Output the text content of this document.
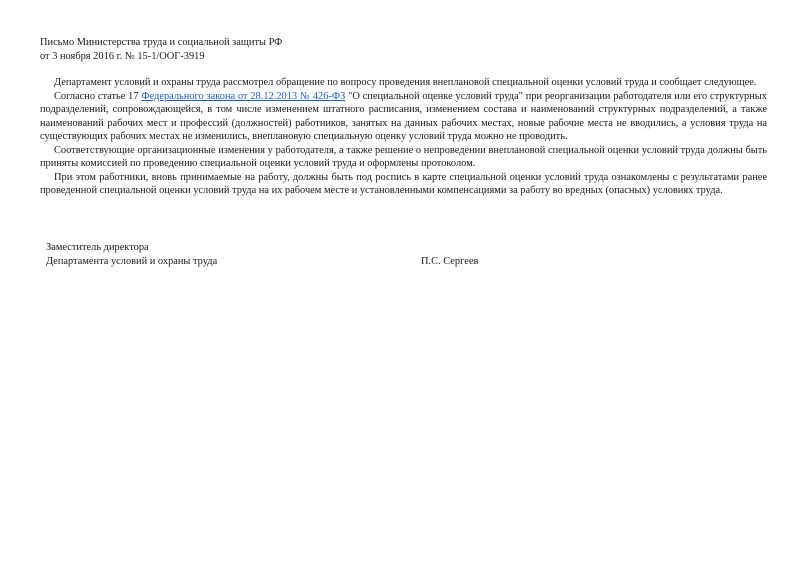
Письмо Министерства труда и социальной защиты РФ
от 3 ноября 2016 г. № 15-1/ООГ-3919

Департамент условий и охраны труда рассмотрел обращение по вопросу проведения внеплановой специальной оценки условий труда и сообщает следующее.

Согласно статье 17 Федерального закона от 28.12.2013 № 426-ФЗ "О специальной оценке условий труда" при реорганизации работодателя или его структурных подразделений, сопровождающейся, в том числе изменением штатного расписания, изменением состава и наименований структурных подразделений, а также наименований рабочих мест и профессий (должностей) работников, занятых на данных рабочих местах, новые рабочие места не вводились, а условия труда на существующих рабочих местах не изменились, внеплановую специальную оценку условий труда можно не проводить.

Соответствующие организационные изменения у работодателя, а также решение о непроведении внеплановой специальной оценки условий труда должны быть приняты комиссией по проведению специальной оценки условий труда и оформлены протоколом.

При этом работники, вновь принимаемые на работу, должны быть под роспись в карте специальной оценки условий труда ознакомлены с результатами ранее проведенной специальной оценки условий труда на их рабочем месте и установленными компенсациями за работу во вредных (опасных) условиях труда.

Заместитель директора
Департамента условий и охраны труда	П.С. Сергеев
